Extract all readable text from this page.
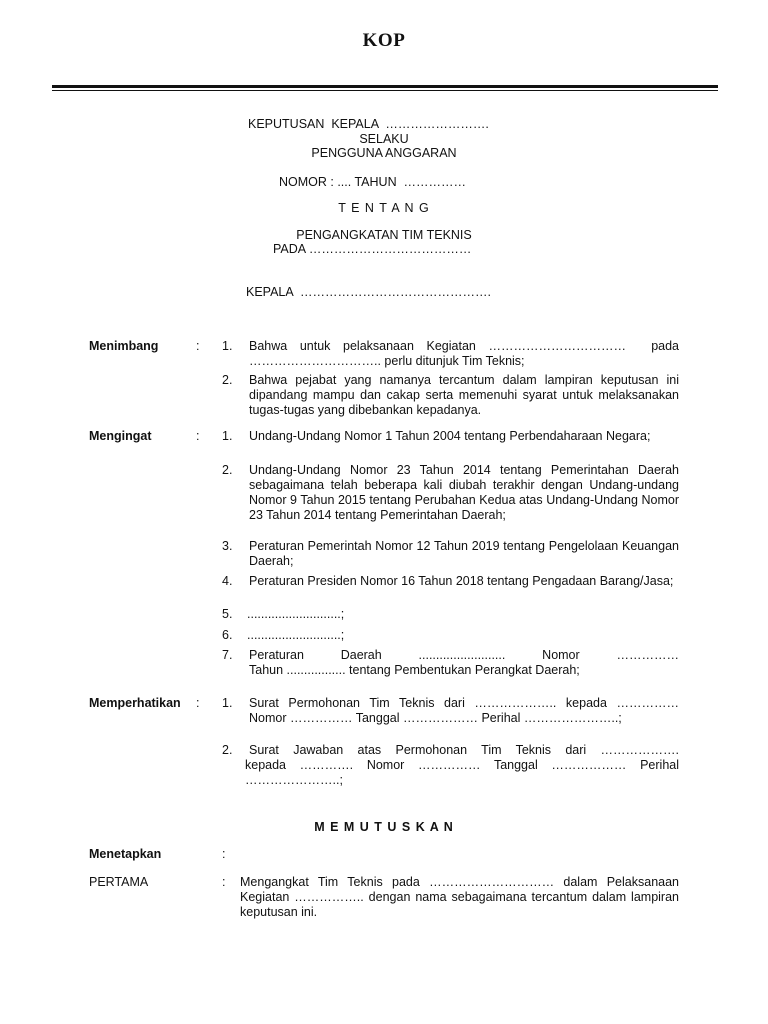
KOP
KEPUTUSAN  KEPALA  …………………….
SELAKU
PENGGUNA ANGGARAN
NOMOR : .... TAHUN  ……………
T E N T A N G
PENGANGKATAN TIM TEKNIS
PADA …………………………………
KEPALA  ……………………………………….
Menimbang	: 1. Bahwa untuk pelaksanaan Kegiatan ……………………………  pada
………………………….. perlu ditunjuk Tim Teknis;
2. Bahwa pejabat yang namanya tercantum dalam lampiran keputusan ini dipandang mampu dan cakap serta memenuhi syarat untuk melaksanakan tugas-tugas yang dibebankan kepadanya.
Mengingat	: 1. Undang-Undang Nomor 1 Tahun 2004 tentang Perbendaharaan Negara;
2. Undang-Undang Nomor 23 Tahun 2014 tentang Pemerintahan Daerah sebagaimana telah beberapa kali diubah terakhir dengan Undang-undang Nomor 9 Tahun 2015 tentang Perubahan Kedua atas Undang-Undang Nomor 23 Tahun 2014 tentang Pemerintahan Daerah;
3. Peraturan Pemerintah Nomor 12 Tahun 2019 tentang Pengelolaan Keuangan Daerah;
4. Peraturan Presiden Nomor 16 Tahun 2018 tentang Pengadaan Barang/Jasa;
5. ...........................;
6. ...........................;
7. Peraturan   Daerah   .........................   Nomor   ……………
Tahun ................. tentang Pembentukan Perangkat Daerah;
Memperhatikan : 1. Surat Permohonan Tim Teknis dari ……………….. kepada ……………
Nomor …………… Tanggal ……………… Perihal …………………..;
2. Surat Jawaban atas Permohonan Tim Teknis dari ……………….
kepada …………. Nomor …………… Tanggal ……………… Perihal
…………………..;
M E M U T U S K A N
Menetapkan	:
PERTAMA	: Mengangkat Tim Teknis pada ………………………… dalam Pelaksanaan Kegiatan …………….. dengan nama sebagaimana tercantum dalam lampiran keputusan ini.
